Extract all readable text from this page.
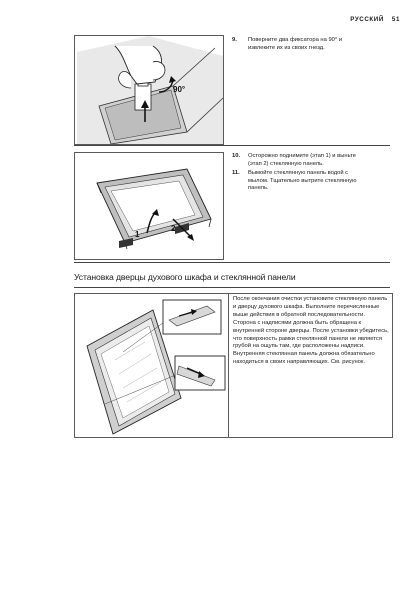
РУССКИЙ 51
90°
9. Поверните два фиксатора на 90° и извлеките их из своих гнезд.
1
2
10. Осторожно поднимите (этап 1) и выньте (этап 2) стеклянную панель.
11. Вымойте стеклянную панель водой с мылом. Тщательно вытрите стеклянную панель.
Установка дверцы духового шкафа и стеклянной панели

После окончания очистки установите стеклянную панель и дверцу духового шкафа. Выполните перечисленные выше действия в обратной последовательности.

Сторона с надписями должна быть обращена к внутренней стороне дверцы. После установки убедитесь, что поверхность рамки стеклянной панели не является грубой на ощупь там, где расположены надписи.

Внутренняя стеклянная панель должна обязательно находиться в своих направляющих. См. рисунок.
